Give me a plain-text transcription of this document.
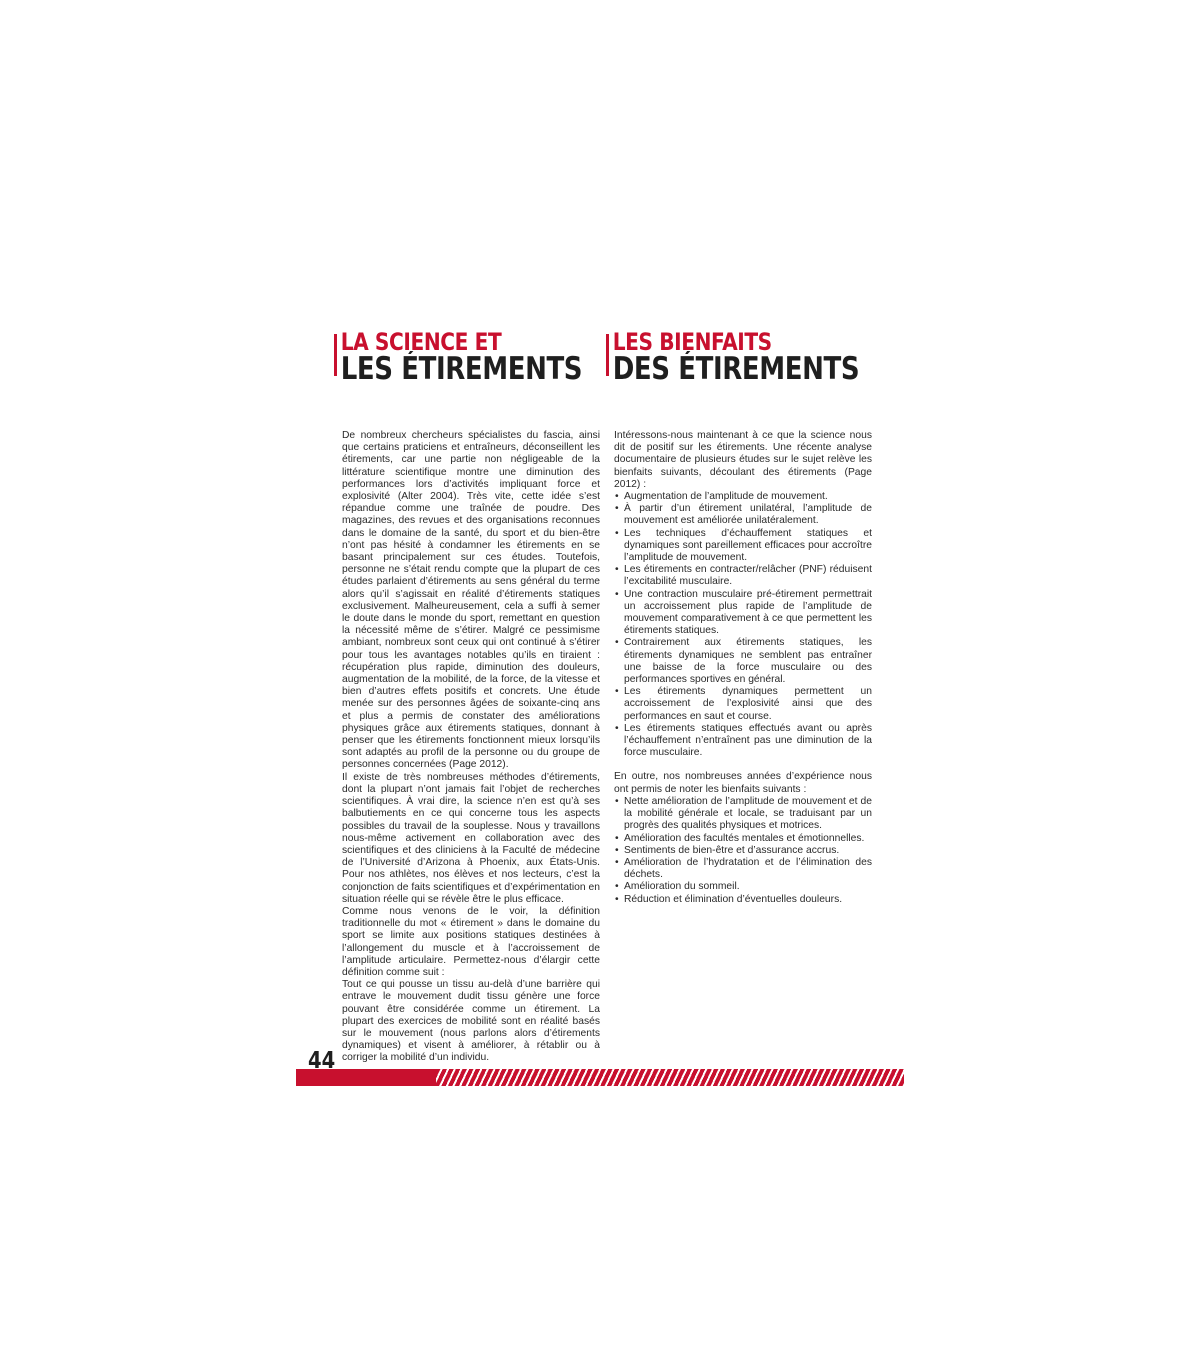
LA SCIENCE ET
LES ÉTIREMENTS
LES BIENFAITS
DES ÉTIREMENTS

De nombreux chercheurs spécialistes du fascia, ainsi que certains praticiens et entraîneurs, déconseillent les étirements, car une partie non négligeable de la littérature scientifique montre une diminution des performances lors d’activités impliquant force et explosivité (Alter 2004). Très vite, cette idée s’est répandue comme une traînée de poudre. Des magazines, des revues et des organisations reconnues dans le domaine de la santé, du sport et du bien-être n’ont pas hésité à condamner les étirements en se basant principalement sur ces études. Toutefois, personne ne s’était rendu compte que la plupart de ces études parlaient d’étirements au sens général du terme alors qu’il s’agissait en réalité d’étirements statiques exclusivement. Malheureusement, cela a suffi à semer le doute dans le monde du sport, remettant en question la nécessité même de s’étirer. Malgré ce pessimisme ambiant, nombreux sont ceux qui ont continué à s’étirer pour tous les avantages notables qu’ils en tiraient : récupération plus rapide, diminution des douleurs, augmentation de la mobilité, de la force, de la vitesse et bien d’autres effets positifs et concrets. Une étude menée sur des personnes âgées de soixante-cinq ans et plus a permis de constater des améliorations physiques grâce aux étirements statiques, donnant à penser que les étirements fonctionnent mieux lorsqu’ils sont adaptés au profil de la personne ou du groupe de personnes concernées (Page 2012).

Il existe de très nombreuses méthodes d’étirements, dont la plupart n’ont jamais fait l’objet de recherches scientifiques. À vrai dire, la science n’en est qu’à ses balbutiements en ce qui concerne tous les aspects possibles du travail de la souplesse. Nous y travaillons nous-même activement en collaboration avec des scientifiques et des cliniciens à la Faculté de médecine de l’Université d’Arizona à Phoenix, aux États-Unis. Pour nos athlètes, nos élèves et nos lecteurs, c’est la conjonction de faits scientifiques et d’expérimentation en situation réelle qui se révèle être le plus efficace.

Comme nous venons de le voir, la définition traditionnelle du mot « étirement » dans le domaine du sport se limite aux positions statiques destinées à l’allongement du muscle et à l’accroissement de l’amplitude articulaire. Permettez-nous d’élargir cette définition comme suit :

Tout ce qui pousse un tissu au-delà d’une barrière qui entrave le mouvement dudit tissu génère une force pouvant être considérée comme un étirement. La plupart des exercices de mobilité sont en réalité basés sur le mouvement (nous parlons alors d’étirements dynamiques) et visent à améliorer, à rétablir ou à corriger la mobilité d’un individu.

Intéressons-nous maintenant à ce que la science nous dit de positif sur les étirements. Une récente analyse documentaire de plusieurs études sur le sujet relève les bienfaits suivants, découlant des étirements (Page 2012) :

• Augmentation de l’amplitude de mouvement.
• À partir d’un étirement unilatéral, l’amplitude de mouvement est améliorée unilatéralement.
• Les techniques d’échauffement statiques et dynamiques sont pareillement efficaces pour accroître l’amplitude de mouvement.
• Les étirements en contracter/relâcher (PNF) réduisent l’excitabilité musculaire.
• Une contraction musculaire pré-étirement permettrait un accroissement plus rapide de l’amplitude de mouvement comparativement à ce que permettent les étirements statiques.
• Contrairement aux étirements statiques, les étirements dynamiques ne semblent pas entraîner une baisse de la force musculaire ou des performances sportives en général.
• Les étirements dynamiques permettent un accroissement de l’explosivité ainsi que des performances en saut et course.
• Les étirements statiques effectués avant ou après l’échauffement n’entraînent pas une diminution de la force musculaire.

En outre, nos nombreuses années d’expérience nous ont permis de noter les bienfaits suivants :

• Nette amélioration de l’amplitude de mouvement et de la mobilité générale et locale, se traduisant par un progrès des qualités physiques et motrices.
• Amélioration des facultés mentales et émotionnelles.
• Sentiments de bien-être et d’assurance accrus.
• Amélioration de l’hydratation et de l’élimination des déchets.
• Amélioration du sommeil.
• Réduction et élimination d’éventuelles douleurs.
44
